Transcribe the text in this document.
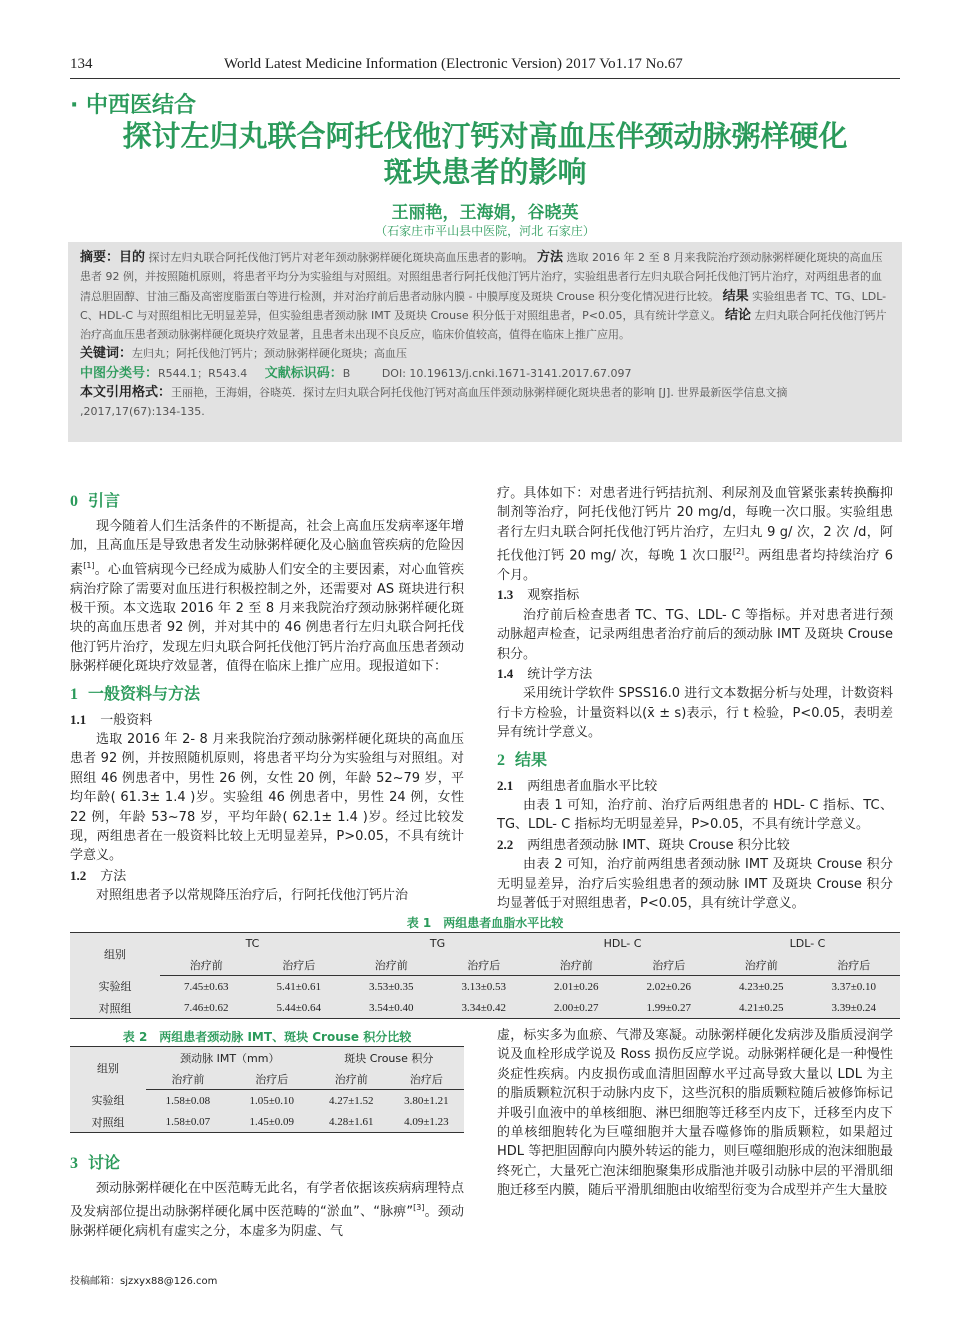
134	World Latest Medicine Information (Electronic Version) 2017 Vo1.17 No.67
· 中西医结合
探讨左归丸联合阿托伐他汀钙对高血压伴颈动脉粥样硬化
斑块患者的影响
王丽艳，王海娟，谷晓英
（石家庄市平山县中医院，河北 石家庄）
摘要：目的 探讨左归丸联合阿托伐他汀钙片对老年颈动脉粥样硬化斑块高血压患者的影响。 方法 选取 2016 年 2 至 8 月来我院治疗颈动脉粥样硬化斑块的高血压患者 92 例，并按照随机原则，将患者平均分为实验组与对照组。对照组患者行阿托伐他汀钙片治疗，实验组患者行左归丸联合阿托伐他汀钙片治疗，对两组患者的血清总胆固醇、甘油三酯及高密度脂蛋白等进行检测，并对治疗前后患者动脉内膜 - 中膜厚度及斑块 Crouse 积分变化情况进行比较。 结果 实验组患者 TC、TG、LDL-C、HDL-C 与对照组相比无明显差异，但实验组患者颈动脉 IMT 及斑块 Crouse 积分低于对照组患者，P<0.05，具有统计学意义。 结论 左归丸联合阿托伐他汀钙片治疗高血压患者颈动脉粥样硬化斑块疗效显著，且患者未出现不良反应，临床价值较高，值得在临床上推广应用。
关键词：左归丸；阿托伐他汀钙片；颈动脉粥样硬化斑块；高血压
中图分类号：R544.1；R543.4 文献标识码：B	DOI: 10.19613/j.cnki.1671-3141.2017.67.097
本文引用格式：王丽艳，王海娟，谷晓英．探讨左归丸联合阿托伐他汀钙对高血压伴颈动脉粥样硬化斑块患者的影响 [J]. 世界最新医学信息文摘 ,2017,17(67):134-135.
0 引言

现今随着人们生活条件的不断提高，社会上高血压发病率逐年增加，且高血压是导致患者发生动脉粥样硬化及心脑血管疾病的危险因素[1]。心血管病现今已经成为威胁人们安全的主要因素，对心血管疾病治疗除了需要对血压进行积极控制之外，还需要对 AS 斑块进行积极干预。本文选取 2016 年 2 至 8 月来我院治疗颈动脉粥样硬化斑块的高血压患者 92 例，并对其中的 46 例患者行左归丸联合阿托伐他汀钙片治疗，发现左归丸联合阿托伐他汀钙片治疗高血压患者颈动脉粥样硬化斑块疗效显著，值得在临床上推广应用。现报道如下：

1 一般资料与方法
1.1 一般资料

选取 2016 年 2- 8 月来我院治疗颈动脉粥样硬化斑块的高血压患者 92 例，并按照随机原则，将患者平均分为实验组与对照组。对照组 46 例患者中，男性 26 例，女性 20 例，年龄 52~79 岁，平均年龄( 61.3± 1.4 )岁。实验组 46 例患者中，男性 24 例，女性 22 例，年龄 53~78 岁，平均年龄( 62.1± 1.4 )岁。经过比较发现，两组患者在一般资料比较上无明显差异，P>0.05，不具有统计学意义。

1.2 方法

对照组患者予以常规降压治疗后，行阿托伐他汀钙片治

疗。具体如下：对患者进行钙拮抗剂、利尿剂及血管紧张素转换酶抑制剂等治疗，阿托伐他汀钙片 20 mg/d，每晚一次口服。实验组患者行左归丸联合阿托伐他汀钙片治疗，左归丸 9 g/ 次，2 次 /d，阿托伐他汀钙 20 mg/ 次，每晚 1 次口服[2]。两组患者均持续治疗 6 个月。
1.3 观察指标

治疗前后检查患者 TC、TG、LDL- C 等指标。并对患者进行颈动脉超声检查，记录两组患者治疗前后的颈动脉 IMT 及斑块 Crouse 积分。

1.4 统计学方法

采用统计学软件 SPSS16.0 进行文本数据分析与处理，计数资料行卡方检验，计量资料以(x̄ ± s)表示，行 t 检验，P<0.05，表明差异有统计学意义。

2 结果
2.1 两组患者血脂水平比较

由表 1 可知，治疗前、治疗后两组患者的 HDL- C 指标、TC、TG、LDL- C 指标均无明显差异，P>0.05，不具有统计学意义。

2.2 两组患者颈动脉 IMT、斑块 Crouse 积分比较

由表 2 可知，治疗前两组患者颈动脉 IMT 及斑块 Crouse 积分无明显差异，治疗后实验组患者的颈动脉 IMT 及斑块 Crouse 积分均显著低于对照组患者，P<0.05，具有统计学意义。

表 1　两组患者血脂水平比较
组别	TC		TG		HDL- C		LDL- C	
	治疗前	治疗后	治疗前	治疗后	治疗前	治疗后	治疗前	治疗后
实验组	7.45±0.63	5.41±0.61	3.53±0.35	3.13±0.53	2.01±0.26	2.02±0.26	4.23±0.25	3.37±0.10
对照组	7.46±0.62	5.44±0.64	3.54±0.40	3.34±0.42	2.00±0.27	1.99±0.27	4.21±0.25	3.39±0.24
表 2　两组患者颈动脉 IMT、斑块 Crouse 积分比较
组别	颈动脉 IMT（mm）		斑块 Crouse 积分	
	治疗前	治疗后	治疗前	治疗后
实验组	1.58±0.08	1.05±0.10	4.27±1.52	3.80±1.21
对照组	1.58±0.07	1.45±0.09	4.28±1.61	4.09±1.23
3 讨论

颈动脉粥样硬化在中医范畴无此名，有学者依据该疾病病理特点及发病部位提出动脉粥样硬化属中医范畴的“淤血”、“脉痹”[3]。颈动脉粥样硬化病机有虚实之分，本虚多为阴虚、气

虚，标实多为血瘀、气滞及寒凝。动脉粥样硬化发病涉及脂质浸润学说及血栓形成学说及 Ross 损伤反应学说。动脉粥样硬化是一种慢性炎症性疾病。内皮损伤或血清胆固醇水平过高导致大量以 LDL 为主的脂质颗粒沉积于动脉内皮下，这些沉积的脂质颗粒随后被修饰标记并吸引血液中的单核细胞、淋巴细胞等迁移至内皮下，迁移至内皮下的单核细胞转化为巨噬细胞并大量吞噬修饰的脂质颗粒，如果超过 HDL 等把胆固醇向内膜外转运的能力，则巨噬细胞形成的泡沫细胞最终死亡，大量死亡泡沫细胞聚集形成脂池并吸引动脉中层的平滑肌细胞迁移至内膜，随后平滑肌细胞由收缩型衍变为合成型并产生大量胶
投稿邮箱：sjzxyx88@126.com
